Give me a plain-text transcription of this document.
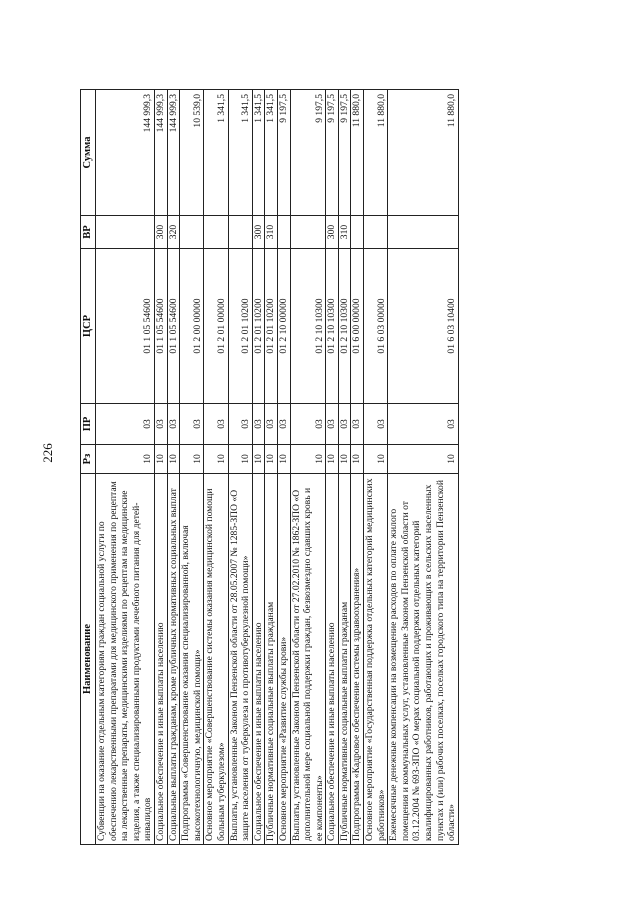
226
Наименование	Рз	ПР	ЦСР	ВР	Сумма
Субвенции на оказание отдельным категориям граждан социальной услуги по обеспечению лекарственными препаратами для медицинского применения по рецептам на лекарственные препараты, медицинскими изделиями по рецептам на медицинские изделия, а также специализированными продуктами лечебного питания для детей-инвалидов	10	03	01 1 05 54600		144 999,3
Социальное обеспечение и иные выплаты населению	10	03	01 1 05 54600	300	144 999,3
Социальные выплаты гражданам, кроме публичных нормативных социальных выплат	10	03	01 1 05 54600	320	144 999,3
Подпрограмма «Совершенствование оказания специализированной, включая высокотехнологичную, медицинской помощи»	10	03	01 2 00 00000		10 539,0
Основное мероприятие «Совершенствование системы оказания медицинской помощи больным туберкулезом»	10	03	01 2 01 00000		1 341,5
Выплаты, установленные Законом Пензенской области от 28.05.2007 № 1285-ЗПО «О защите населения от туберкулеза и о противотуберкулезной помощи»	10	03	01 2 01 10200		1 341,5
Социальное обеспечение и иные выплаты населению	10	03	01 2 01 10200	300	1 341,5
Публичные нормативные социальные выплаты гражданам	10	03	01 2 01 10200	310	1 341,5
Основное мероприятие «Развитие службы крови»	10	03	01 2 10 00000		9 197,5
Выплаты, установленные Законом Пензенской области от 27.02.2010 № 1862-ЗПО «О дополнительной мере социальной поддержки граждан, безвозмездно сдавших кровь и ее компоненты»	10	03	01 2 10 10300		9 197,5
Социальное обеспечение и иные выплаты населению	10	03	01 2 10 10300	300	9 197,5
Публичные нормативные социальные выплаты гражданам	10	03	01 2 10 10300	310	9 197,5
Подпрограмма «Кадровое обеспечение системы здравоохранения»	10	03	01 6 00 00000		11 880,0
Основное мероприятие «Государственная поддержка отдельных категорий медицинских работников»	10	03	01 6 03 00000		11 880,0
Ежемесячные денежные компенсации на возмещение расходов по оплате жилого помещения и коммунальных услуг, установленные Законом Пензенской области от 03.12.2004 № 693-ЗПО «О мерах социальной поддержки отдельных категорий квалифицированных работников, работающих и проживающих в сельских населенных пунктах и (или) рабочих поселках, поселках городского типа на территории Пензенской области»	10	03	01 6 03 10400		11 880,0
